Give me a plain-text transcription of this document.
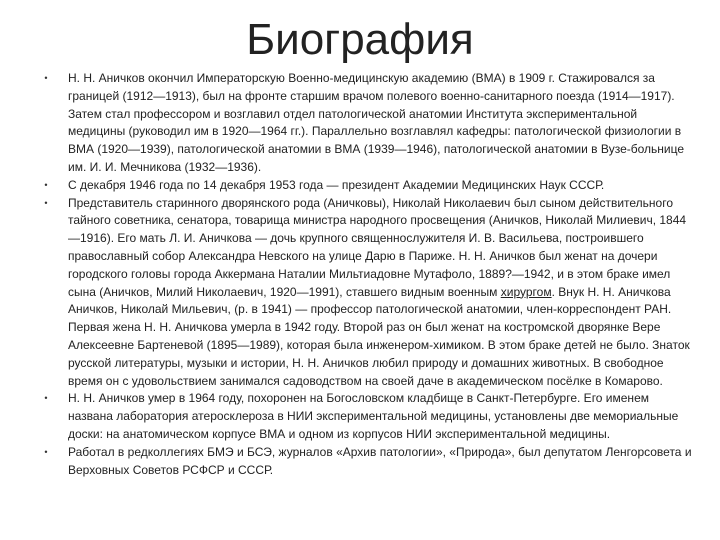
Биография
•	Н. Н. Аничков окончил Императорскую Военно-медицинскую академию (ВМА) в 1909 г. Стажировался за границей (1912—1913), был на фронте старшим врачом полевого военно-санитарного поезда (1914—1917). Затем стал профессором и возглавил отдел патологической анатомии Института экспериментальной медицины (руководил им в 1920—1964 гг.). Параллельно возглавлял кафедры: патологической физиологии в ВМА (1920—1939), патологической анатомии в ВМА (1939—1946), патологической анатомии в Вузе-больнице им. И. И. Мечникова (1932—1936).
•	С декабря 1946 года по 14 декабря 1953 года — президент Академии Медицинских Наук СССР.
•	Представитель старинного дворянского рода (Аничковы), Николай Николаевич был сыном действительного тайного советника, сенатора, товарища министра народного просвещения (Аничков, Николай Милиевич, 1844—1916). Его мать Л. И. Аничкова — дочь крупного священнослужителя И. В. Васильева, построившего православный собор Александра Невского на улице Дарю в Париже. Н. Н. Аничков был женат на дочери городского головы города Аккермана Наталии Мильтиадовне Мутафоло, 1889?—1942, и в этом браке имел сына (Аничков, Милий Николаевич, 1920—1991), ставшего видным военным хирургом. Внук Н. Н. Аничкова Аничков, Николай Мильевич, (р. в 1941) — профессор патологической анатомии, член-корреспондент РАН. Первая жена Н. Н. Аничкова умерла в 1942 году. Второй раз он был женат на костромской дворянке Вере Алексеевне Бартеневой (1895—1989), которая была инженером-химиком. В этом браке детей не было. Знаток русской литературы, музыки и истории, Н. Н. Аничков любил природу и домашних животных. В свободное время он с удовольствием занимался садоводством на своей даче в академическом посёлке в Комарово.
•	Н. Н. Аничков умер в 1964 году, похоронен на Богословском кладбище в Санкт-Петербурге. Его именем названа лаборатория атеросклероза в НИИ экспериментальной медицины, установлены две мемориальные доски: на анатомическом корпусе ВМА и одном из корпусов НИИ экспериментальной медицины.
•	Работал в редколлегиях БМЭ и БСЭ, журналов «Архив патологии», «Природа», был депутатом Ленгорсовета и Верховных Советов РСФСР и СССР.
